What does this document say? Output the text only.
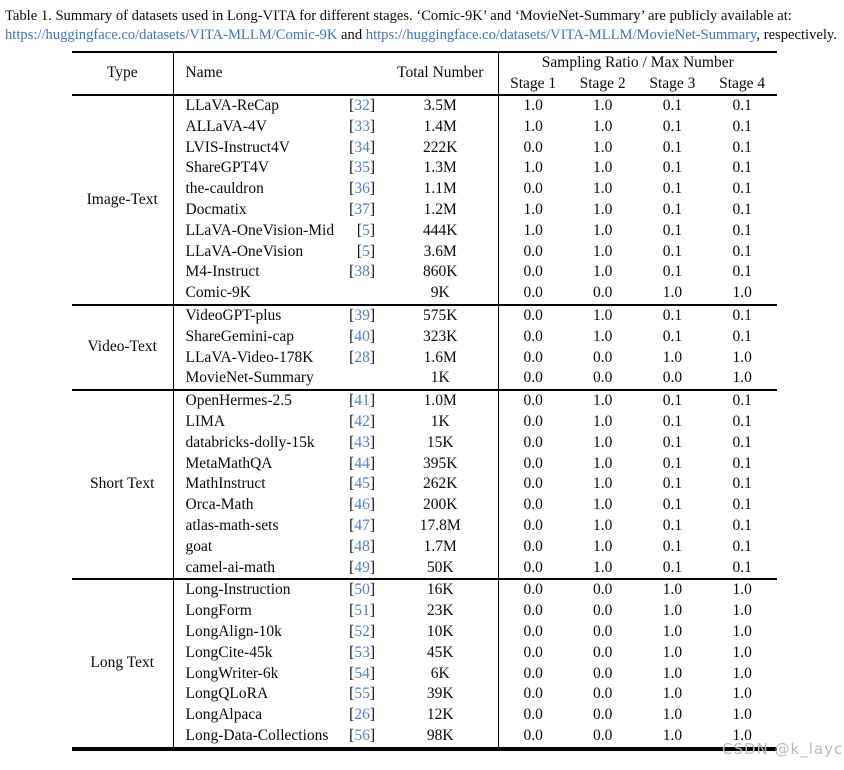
Table 1. Summary of datasets used in Long-VITA for different stages. ‘Comic-9K’ and ‘MovieNet-Summary’ are publicly available at: https://huggingface.co/datasets/VITA-MLLM/Comic-9K and https://huggingface.co/datasets/VITA-MLLM/MovieNet-Summary, respectively.
Type	Name		Total Number	Sampling Ratio / Max Number			
				Stage 1	Stage 2	Stage 3	Stage 4
Image-Text	LLaVA-ReCap	[32]	3.5M	1.0	1.0	0.1	0.1
	ALLaVA-4V	[33]	1.4M	1.0	1.0	0.1	0.1
	LVIS-Instruct4V	[34]	222K	0.0	1.0	0.1	0.1
	ShareGPT4V	[35]	1.3M	1.0	1.0	0.1	0.1
	the-cauldron	[36]	1.1M	0.0	1.0	0.1	0.1
	Docmatix	[37]	1.2M	1.0	1.0	0.1	0.1
	LLaVA-OneVision-Mid	[5]	444K	1.0	1.0	0.1	0.1
	LLaVA-OneVision	[5]	3.6M	0.0	1.0	0.1	0.1
	M4-Instruct	[38]	860K	0.0	1.0	0.1	0.1
	Comic-9K		9K	0.0	0.0	1.0	1.0
Video-Text	VideoGPT-plus	[39]	575K	0.0	1.0	0.1	0.1
	ShareGemini-cap	[40]	323K	0.0	1.0	0.1	0.1
	LLaVA-Video-178K	[28]	1.6M	0.0	0.0	1.0	1.0
	MovieNet-Summary		1K	0.0	0.0	0.0	1.0
Short Text	OpenHermes-2.5	[41]	1.0M	0.0	1.0	0.1	0.1
	LIMA	[42]	1K	0.0	1.0	0.1	0.1
	databricks-dolly-15k	[43]	15K	0.0	1.0	0.1	0.1
	MetaMathQA	[44]	395K	0.0	1.0	0.1	0.1
	MathInstruct	[45]	262K	0.0	1.0	0.1	0.1
	Orca-Math	[46]	200K	0.0	1.0	0.1	0.1
	atlas-math-sets	[47]	17.8M	0.0	1.0	0.1	0.1
	goat	[48]	1.7M	0.0	1.0	0.1	0.1
	camel-ai-math	[49]	50K	0.0	1.0	0.1	0.1
Long Text	Long-Instruction	[50]	16K	0.0	0.0	1.0	1.0
	LongForm	[51]	23K	0.0	0.0	1.0	1.0
	LongAlign-10k	[52]	10K	0.0	0.0	1.0	1.0
	LongCite-45k	[53]	45K	0.0	0.0	1.0	1.0
	LongWriter-6k	[54]	6K	0.0	0.0	1.0	1.0
	LongQLoRA	[55]	39K	0.0	0.0	1.0	1.0
	LongAlpaca	[26]	12K	0.0	0.0	1.0	1.0
	Long-Data-Collections	[56]	98K	0.0	0.0	1.0	1.0
CSDN @k_layc
